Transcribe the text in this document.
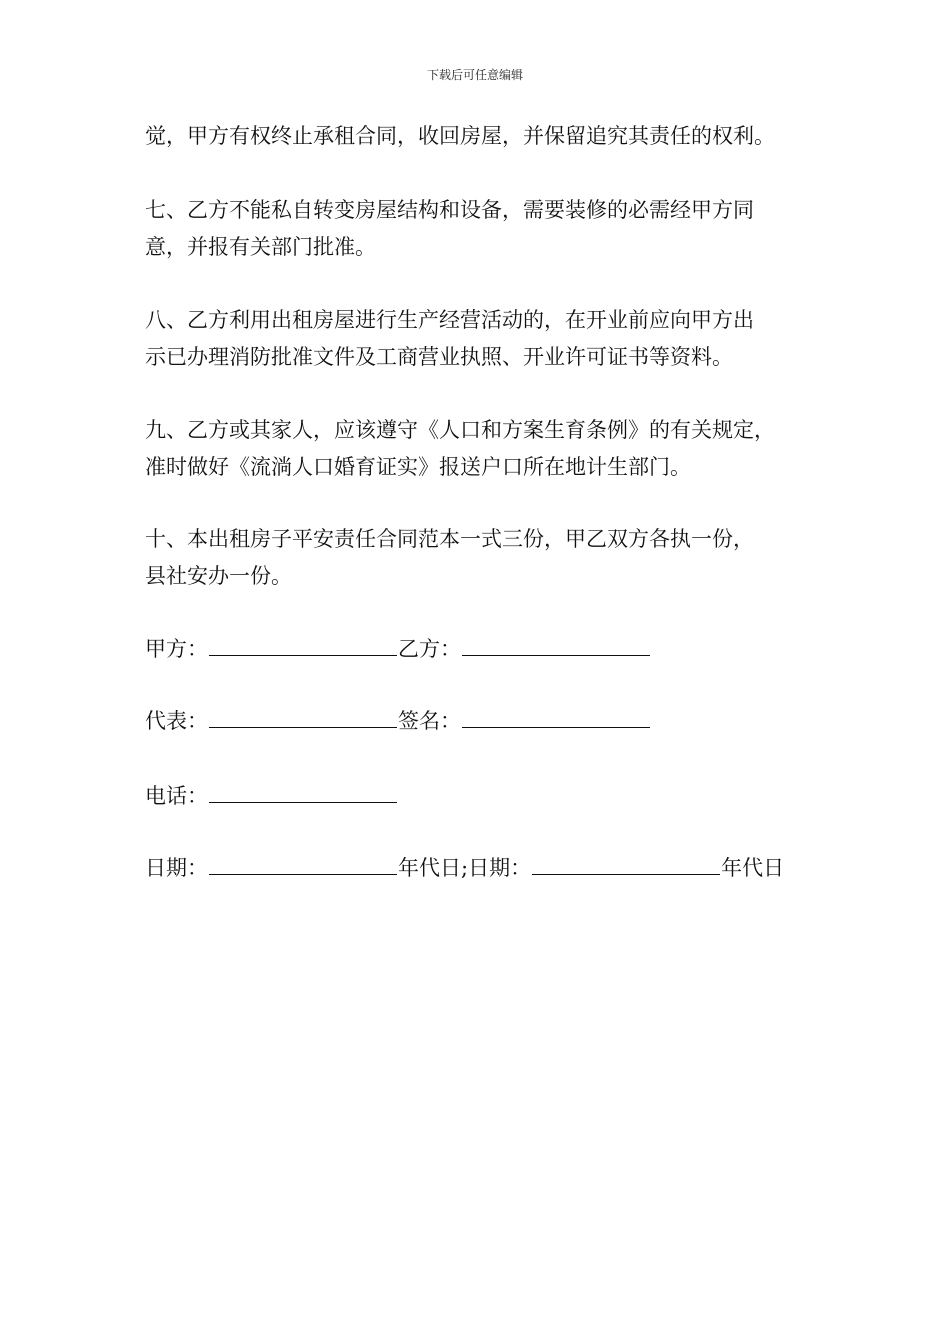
下载后可任意编辑
觉，甲方有权终止承租合同，收回房屋，并保留追究其责任的权利。
七、乙方不能私自转变房屋结构和设备，需要装修的必需经甲方同
意，并报有关部门批准。
八、乙方利用出租房屋进行生产经营活动的，在开业前应向甲方出
示已办理消防批准文件及工商营业执照、开业许可证书等资料。
九、乙方或其家人，应该遵守《人口和方案生育条例》的有关规定，
准时做好《流淌人口婚育证实》报送户口所在地计生部门。
十、本出租房子平安责任合同范本一式三份，甲乙双方各执一份，
县社安办一份。
甲方：	乙方：
代表：	签名：
电话：
日期：	年代日;日期：	年代日
